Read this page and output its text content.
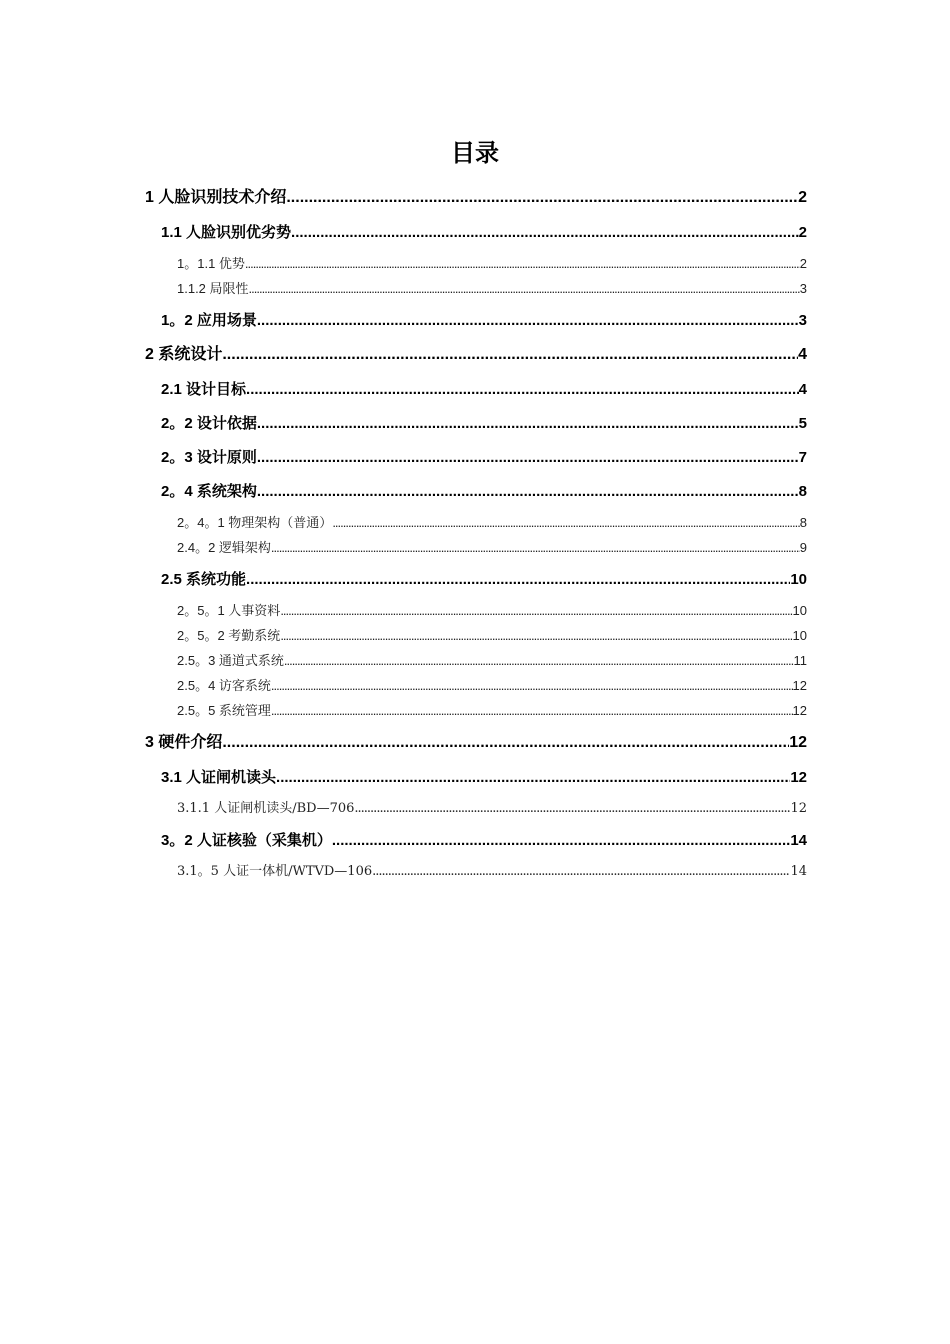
目录
1 人脸识别技术介绍 .....	2
1.1 人脸识别优劣势 .....	2
1。1.1 优势 .....	2
1.1.2 局限性 .....	3
1。2 应用场景 .....	3
2 系统设计 .....	4
2.1 设计目标 .....	4
2。2 设计依据 .....	5
2。3 设计原则 .....	7
2。4 系统架构 .....	8
2。4。1 物理架构（普通） .....	8
2.4。2 逻辑架构 .....	9
2.5 系统功能 .....	10
2。5。1 人事资料 .....	10
2。5。2 考勤系统 .....	10
2.5。3 通道式系统 .....	11
2.5。4 访客系统 .....	12
2.5。5 系统管理 .....	12
3 硬件介绍 .....	12
3.1 人证闸机读头 .....	12
3.1.1 人证闸机读头/BD—706 .....	12
3。2 人证核验（采集机） .....	14
3.1。5 人证一体机/WTVD—106 .....	14
